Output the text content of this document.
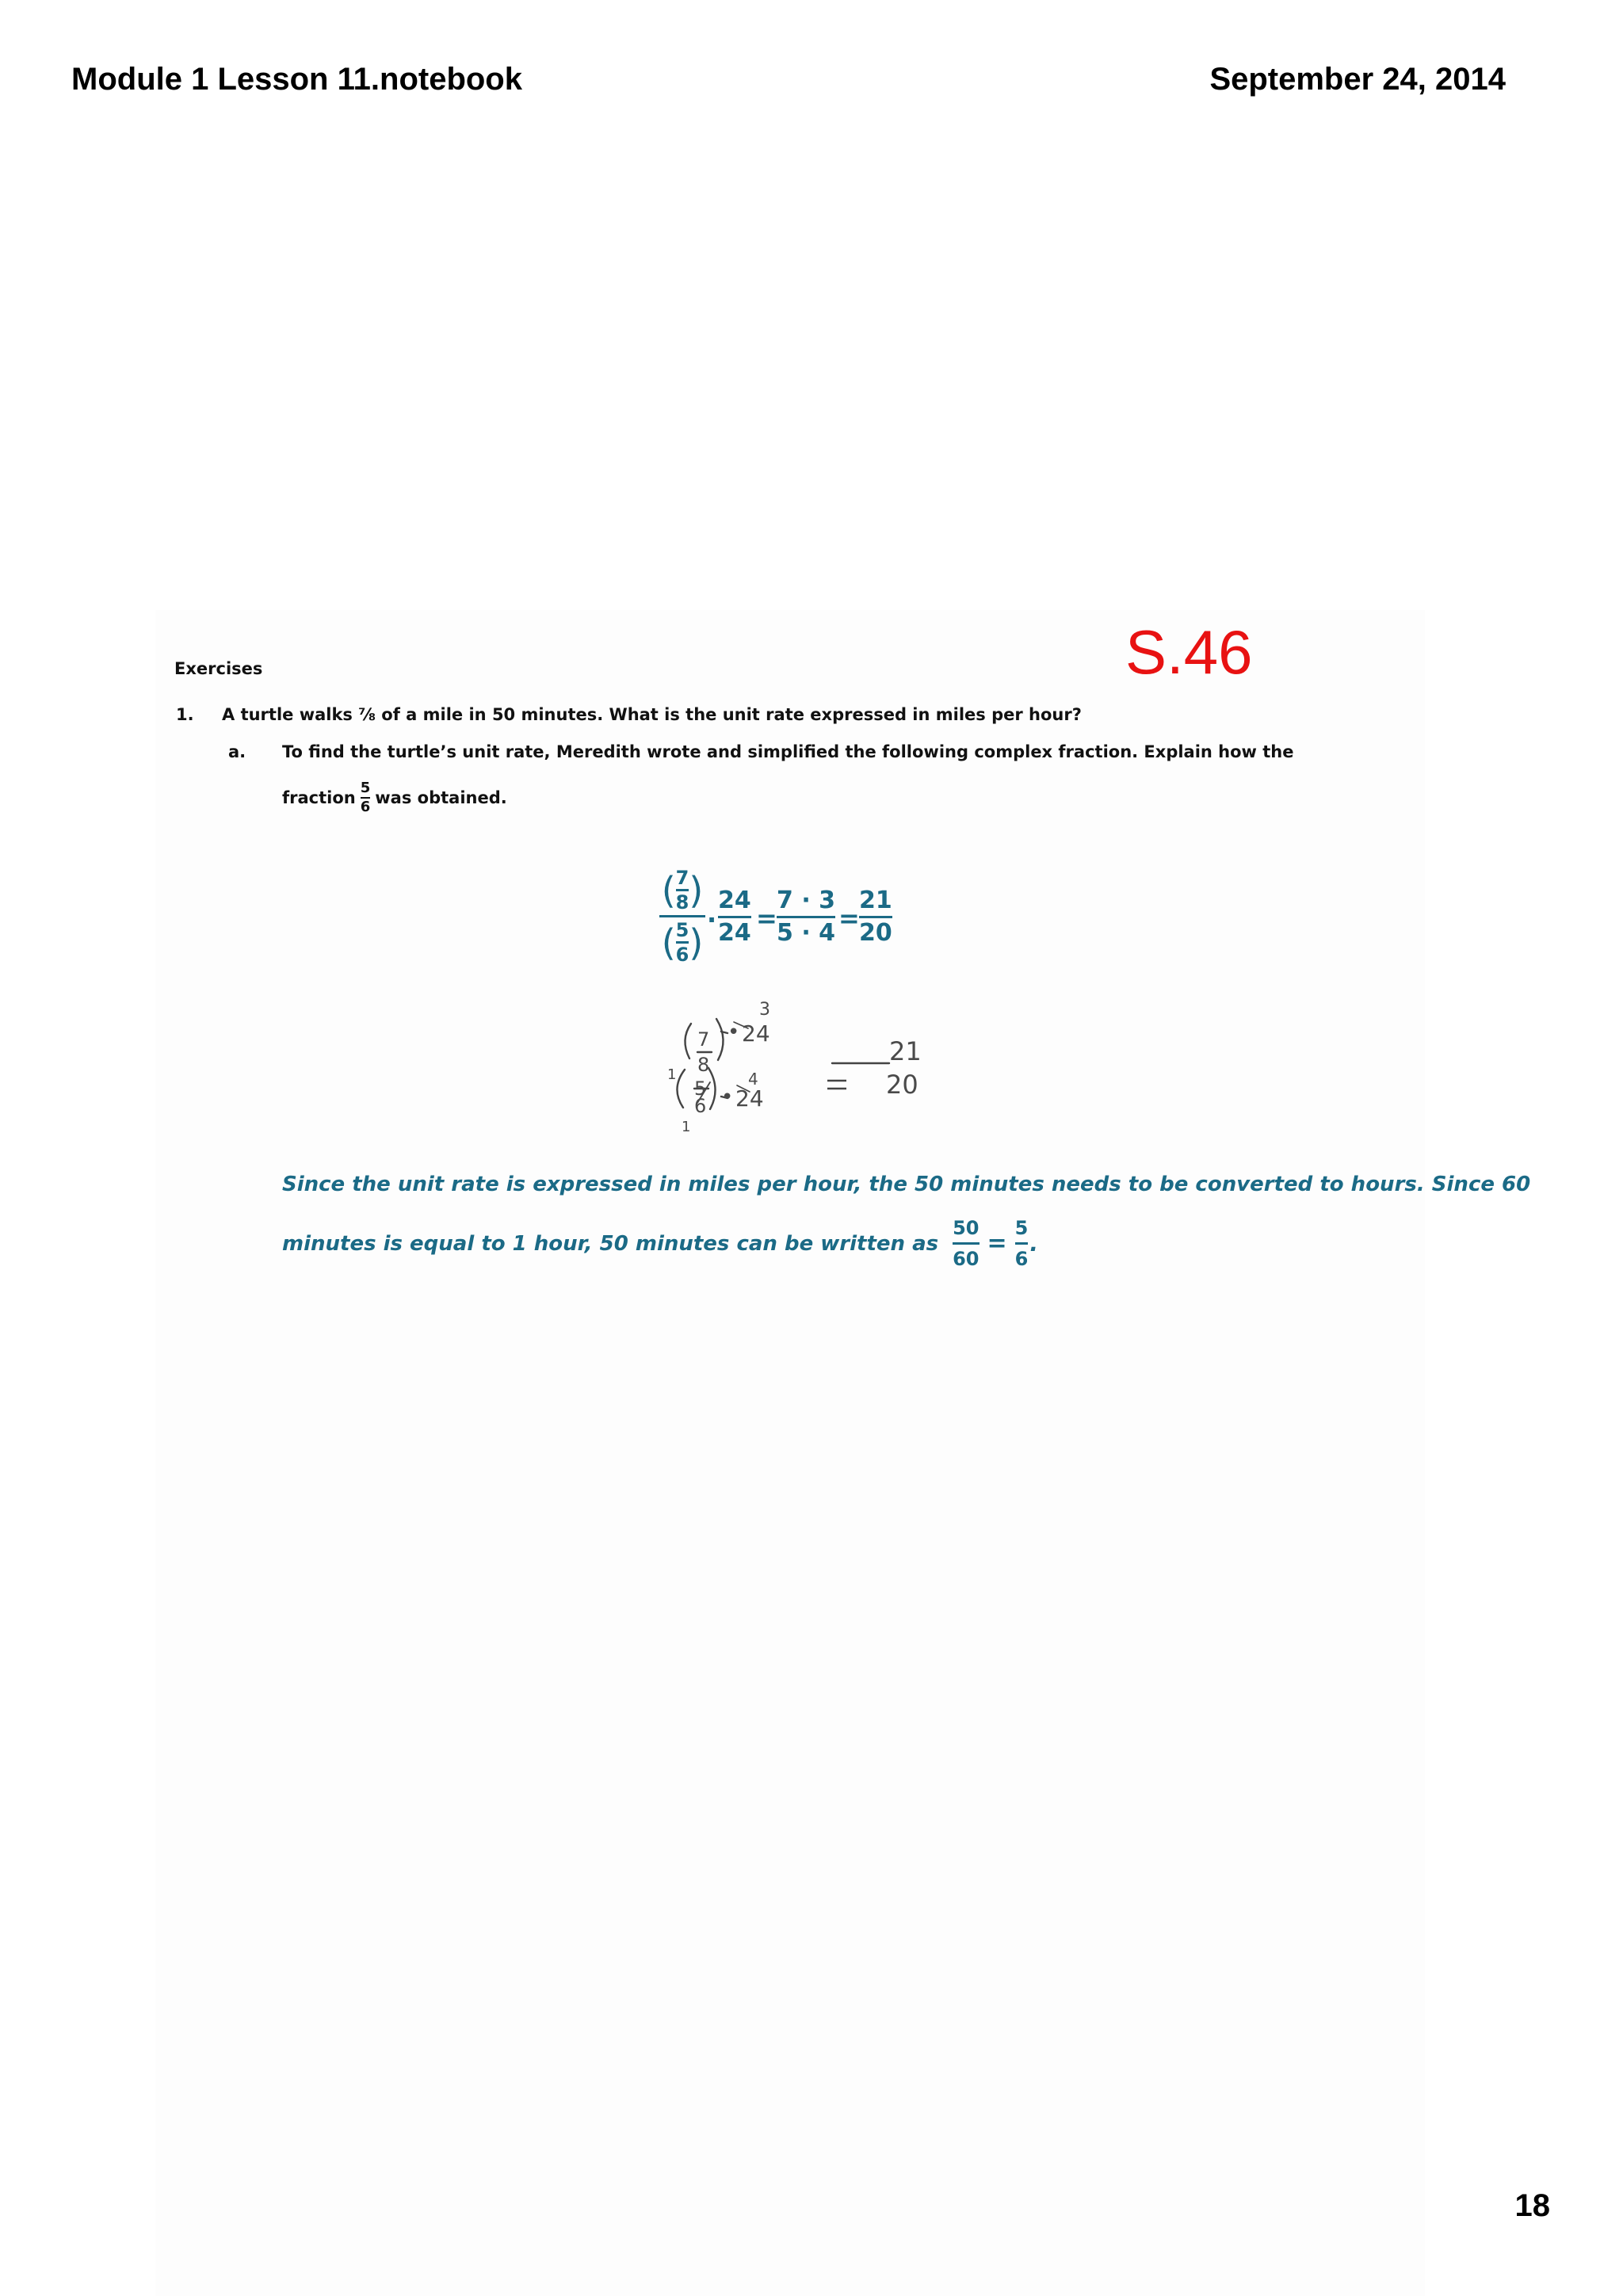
Module 1 Lesson 11.notebook	September 24, 2014
S.46
Exercises
1. A turtle walks ⅞ of a mile in 50 minutes. What is the unit rate expressed in miles per hour?
a. To find the turtle’s unit rate, Meredith wrote and simplified the following complex fraction. Explain how the
fraction
5
6 was obtained.
( 7
8 )
( 5
6 )
·
24
24 =
7 · 3
5 · 4 =
21
20
3
1
7
8
• 24
4
5
6 • 24
1
21
20
Since the unit rate is expressed in miles per hour, the 50 minutes needs to be converted to hours. Since 60
minutes is equal to 1 hour, 50 minutes can be written as
50
60
=
5
6
.
18
